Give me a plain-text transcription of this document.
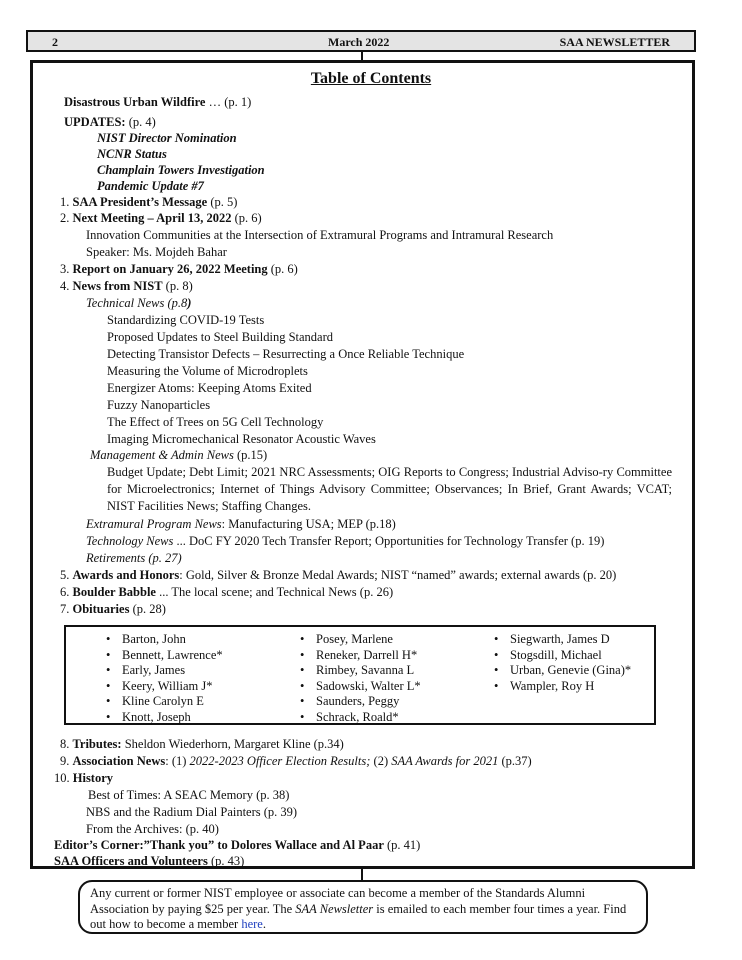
2	March 2022	SAA NEWSLETTER
Table of Contents
Disastrous Urban Wildfire … (p. 1)
UPDATES: (p. 4)
NIST Director Nomination
NCNR Status
Champlain Towers Investigation
Pandemic Update #7
1. SAA President’s Message (p. 5)
2. Next Meeting – April 13, 2022 (p. 6)
Innovation Communities at the Intersection of Extramural Programs and Intramural Research
Speaker: Ms. Mojdeh Bahar
3. Report on January 26, 2022 Meeting (p. 6)
4. News from NIST (p. 8)
Technical News (p.8)
Standardizing COVID-19 Tests
Proposed Updates to Steel Building Standard
Detecting Transistor Defects – Resurrecting a Once Reliable Technique
Measuring the Volume of Microdroplets
Energizer Atoms: Keeping Atoms Exited
Fuzzy Nanoparticles
The Effect of Trees on 5G Cell Technology
Imaging Micromechanical Resonator Acoustic Waves
Management & Admin News (p.15)
Budget Update; Debt Limit; 2021 NRC Assessments; OIG Reports to Congress; Industrial Adviso-ry Committee for Microelectronics; Internet of Things Advisory Committee; Observances; In Brief, Grant Awards; VCAT; NIST Facilities News; Staffing Changes.
Extramural Program News: Manufacturing USA; MEP (p.18)
Technology News ... DoC FY 2020 Tech Transfer Report; Opportunities for Technology Transfer (p. 19)
Retirements (p. 27)
5. Awards and Honors: Gold, Silver & Bronze Medal Awards; NIST “named” awards; external awards (p. 20)
6. Boulder Babble ... The local scene; and Technical News (p. 26)
7. Obituaries (p. 28)
• Barton, John
• Bennett, Lawrence*
• Early, James
• Keery, William J*
• Kline Carolyn E
• Knott, Joseph
• Posey, Marlene
• Reneker, Darrell H*
• Rimbey, Savanna L
• Sadowski, Walter L*
• Saunders, Peggy
• Schrack, Roald*
• Siegwarth, James D
• Stogsdill, Michael
• Urban, Genevie (Gina)*
• Wampler, Roy H
8. Tributes: Sheldon Wiederhorn, Margaret Kline (p.34)
9. Association News: (1) 2022-2023 Officer Election Results; (2) SAA Awards for 2021 (p.37)
10. History
Best of Times: A SEAC Memory (p. 38)
NBS and the Radium Dial Painters (p. 39)
From the Archives: (p. 40)
Editor’s Corner:”Thank you” to Dolores Wallace and Al Paar (p. 41)
SAA Officers and Volunteers (p. 43)
Any current or former NIST employee or associate can become a member of the Standards Alumni Association by paying $25 per year. The SAA Newsletter is emailed to each member four times a year. Find out how to become a member here.
